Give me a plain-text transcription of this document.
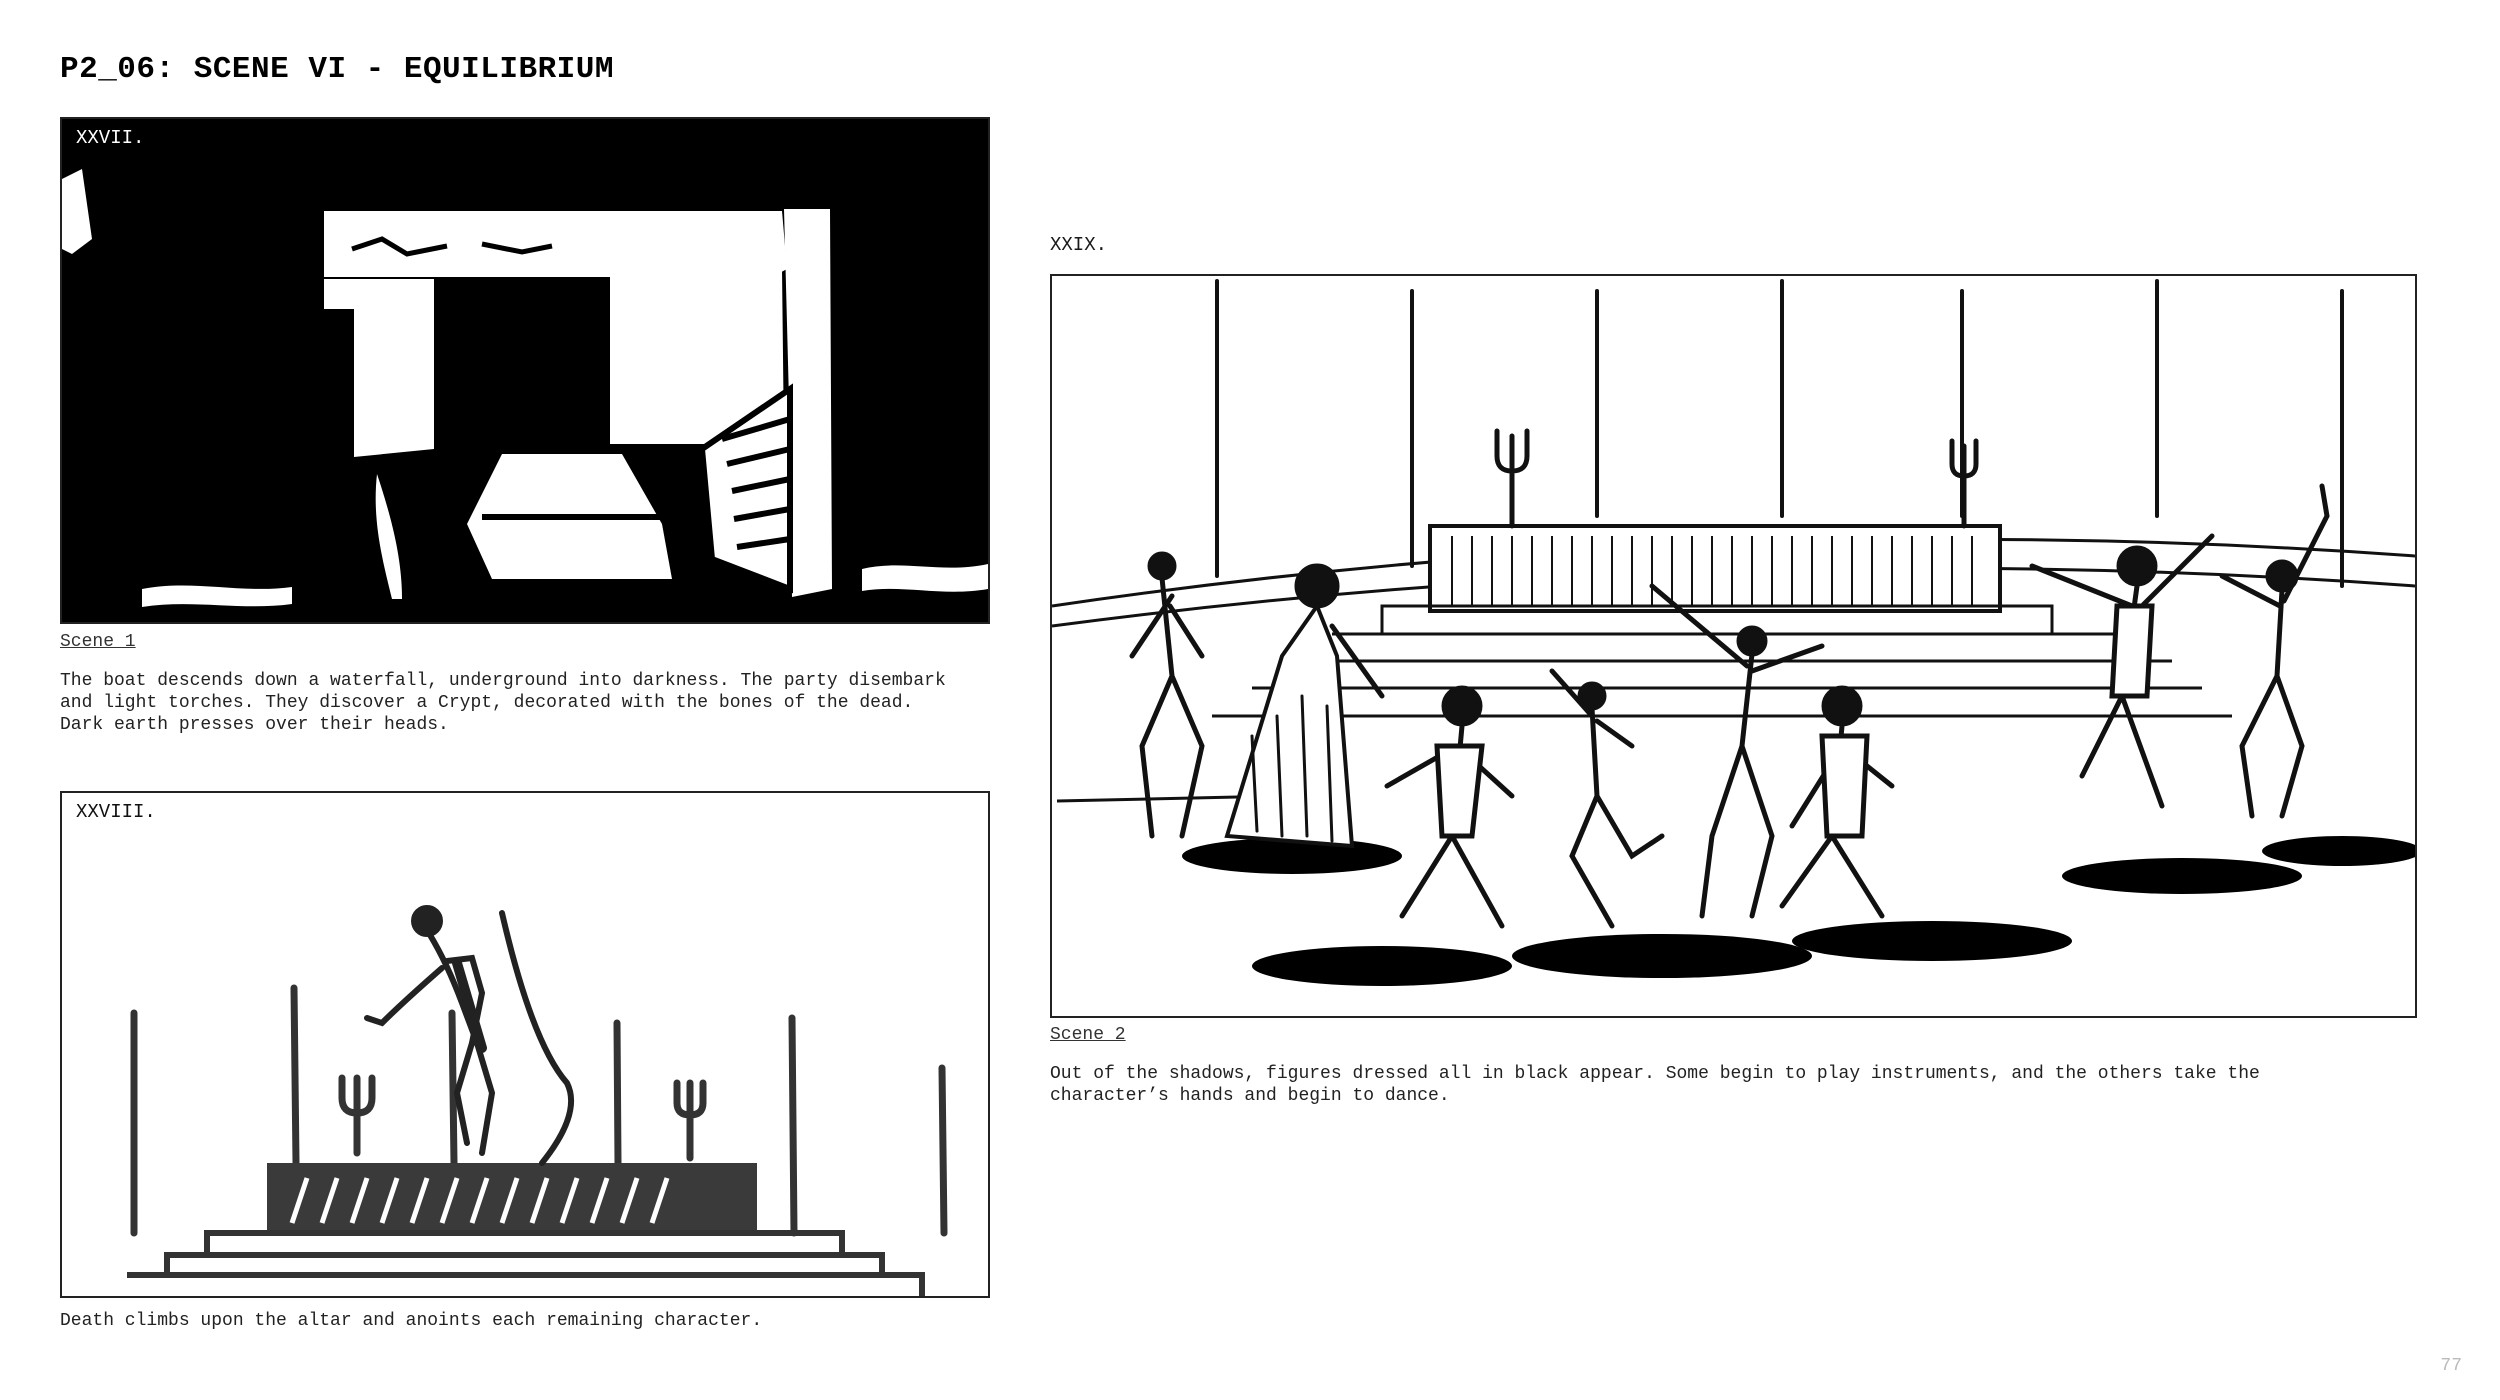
P2_06: SCENE VI - EQUILIBRIUM
XXVII.
Scene 1
The boat descends down a waterfall, underground into darkness. The party disembark
and light torches. They discover a Crypt, decorated with the bones of the dead.
Dark earth presses over their heads.
XXVIII.
Death climbs upon the altar and anoints each remaining character.
XXIX.
Scene 2
Out of the shadows, figures dressed all in black appear. Some begin to play instruments, and the others take the
character’s hands and begin to dance.
77
